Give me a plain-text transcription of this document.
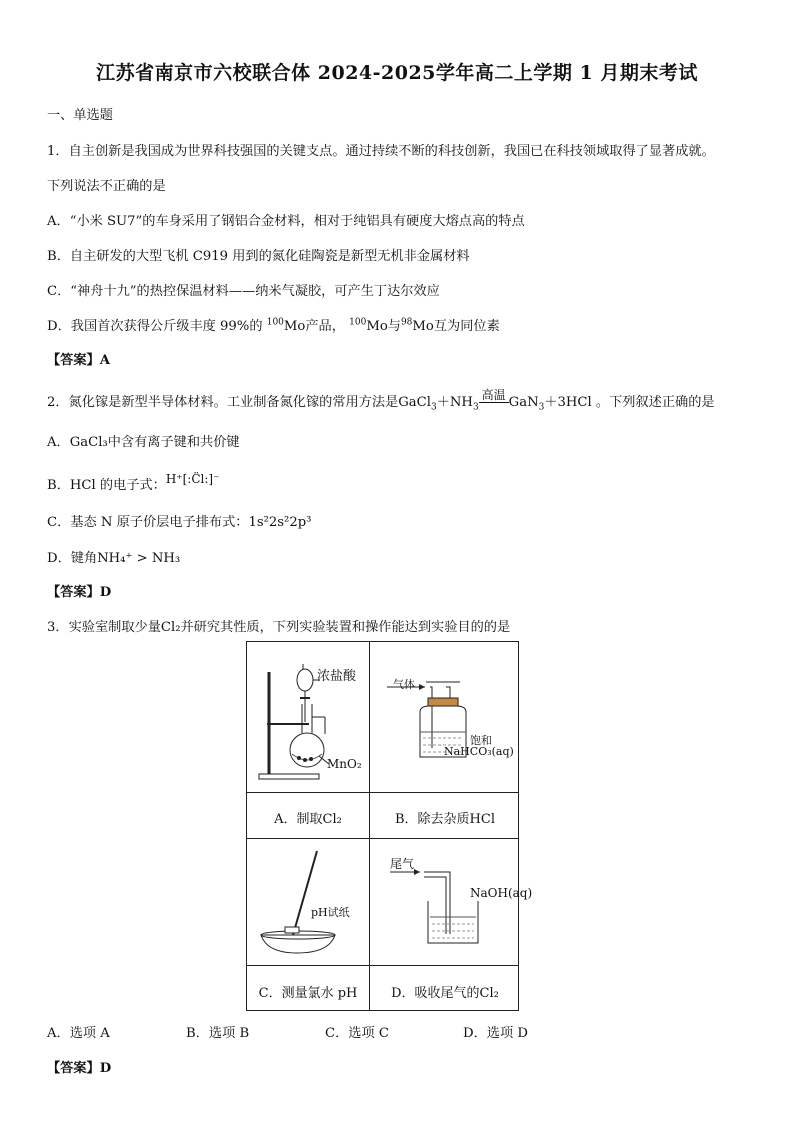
江苏省南京市六校联合体 2024-2025学年高二上学期 1 月期末考试
一、单选题
1．自主创新是我国成为世界科技强国的关键支点。通过持续不断的科技创新，我国已在科技领域取得了显著成就。
下列说法不正确的是
A．“小米 SU7”的车身采用了钢铝合金材料，相对于纯铝具有硬度大熔点高的特点
B．自主研发的大型飞机 C919 用到的氮化硅陶瓷是新型无机非金属材料
C．“神舟十九”的热控保温材料——纳米气凝胶，可产生丁达尔效应
D．我国首次获得公斤级丰度 99%的 $^{100}$Mo产品， $^{100}$Mo与$^{98}$Mo互为同位素
【答案】A
2．氮化镓是新型半导体材料。工业制备氮化镓的常用方法是$GaCl_3+NH_3$
高温 GaN$_3$＋3HCl 。下列叙述正确的是
A．GaCl₃中含有离子键和共价键
B．HCl 的电子式：H⁺[:C̈l:]⁻
C．基态 N 原子价层电子排布式：1s²2s²2p³
D．键角NH₄⁺ > NH₃
【答案】D
3．实验室制取少量Cl₂并研究其性质，下列实验装置和操作能达到实验目的的是
浓盐酸
MnO₂
气体
饱和
NaHCO₃(aq)
A．制取Cl₂	B．除去杂质HCl
pH试纸
尾气
NaOH(aq)
C．测量氯水 pH	D．吸收尾气的Cl₂
A．选项 A	B．选项 B	C．选项 C	D．选项 D
【答案】D
